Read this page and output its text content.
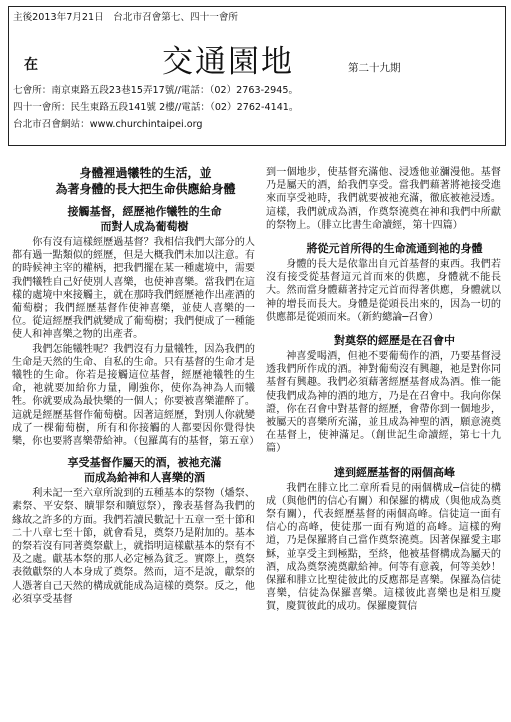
主後2013年7月21日　台北市召會第七、四十一會所
在	交通園地	第二十九期
七會所：南京東路五段23巷15弄17號//電話：（02）2763-2945。
四十一會所：民生東路五段141號 2樓//電話：（02）2762-4141。
台北市召會網站：www.churchintaipei.org

身體裡過犧牲的生活，並

為著身體的長大把生命供應給身體

接觸基督，經歷祂作犧牲的生命

而對人成為葡萄樹

你有沒有這樣經歷過基督？我相信我們大部分的人都有過一點類似的經歷，但是大概我們未加以注意。有的時候神主宰的權柄，把我們擺在某一種處境中，需要我們犧牲自己好使別人喜樂，也使神喜樂。當我們在這樣的處境中來接觸主，就在那時我們經歷祂作出產酒的葡萄樹；我們經歷基督作使神喜樂，並使人喜樂的一位。從這經歷我們就變成了葡萄樹；我們便成了一種能使人和神喜樂之物的出產者。

我們怎能犧牲呢？我們沒有力量犧牲，因為我們的生命是天然的生命、自私的生命。只有基督的生命才是犧牲的生命。你若是接觸這位基督，經歷祂犧牲的生命，祂就要加給你力量，剛強你，使你為神為人而犧牲。你就要成為最快樂的一個人；你要被喜樂灌醉了。這就是經歷基督作葡萄樹。因著這經歷，對別人你就變成了一棵葡萄樹，所有和你接觸的人都要因你覺得快樂，你也要將喜樂帶給神。（包羅萬有的基督，第五章）

享受基督作屬天的酒，被祂充滿

而成為給神和人喜樂的酒

利未記一至六章所說到的五種基本的祭物（燔祭、素祭、平安祭、贖罪祭和贖愆祭），豫表基督為我們的緣故之許多的方面。我們若讀民數記十五章一至十節和二十八章七至十節，就會看見，奠祭乃是附加的。基本的祭若沒有同著奠祭獻上，就指明這樣獻基本的祭有不及之處。獻基本祭的那人必定極為貧乏。實際上，奠祭表徵獻祭的人本身成了奠祭。然而，這不是說，獻祭的人憑著自己天然的構成就能成為這樣的奠祭。反之，他必須享受基督

到一個地步，使基督充滿他、浸透他並瀰漫他。基督乃是屬天的酒，給我們享受。當我們藉著將祂接受進來而享受祂時，我們就要被祂充滿，徹底被祂浸透。這樣，我們就成為酒，作奠祭澆奠在神和我們中所獻的祭物上。（腓立比書生命讀經，第十四篇）

將從元首所得的生命流通到祂的身體

身體的長大是依靠出自元首基督的東西。我們若沒有接受從基督這元首而來的供應，身體就不能長大。然而當身體藉著持定元首而得著供應，身體就以神的增長而長大。身體是從頭長出來的，因為一切的供應都是從頭而來。（新約總論─召會）

對奠祭的經歷是在召會中

神喜愛喝酒，但祂不要葡萄作的酒，乃要基督浸透我們所作成的酒。神對葡萄沒有興趣，祂是對你同基督有興趣。我們必須藉著經歷基督成為酒。惟一能使我們成為神的酒的地方，乃是在召會中。我向你保證，你在召會中對基督的經歷，會帶你到一個地步，被屬天的喜樂所充滿，並且成為神聖的酒，願意澆奠在基督上，使神滿足。（創世記生命讀經，第七十九篇）

達到經歷基督的兩個高峰

我們在腓立比二章所看見的兩個構成─信徒的構成（與他們的信心有關）和保羅的構成（與他成為奠祭有關），代表經歷基督的兩個高峰。信徒這一面有信心的高峰，使徒那一面有殉道的高峰。這樣的殉道，乃是保羅將自己當作奠祭澆奠。因著保羅愛主耶穌，並享受主到極點，至終，他被基督構成為屬天的酒，成為奠祭澆奠獻給神。何等有意義，何等美妙！保羅和腓立比聖徒彼此的反應都是喜樂。保羅為信徒喜樂，信徒為保羅喜樂。這樣彼此喜樂也是相互慶賀，慶賀彼此的成功。保羅慶賀信
